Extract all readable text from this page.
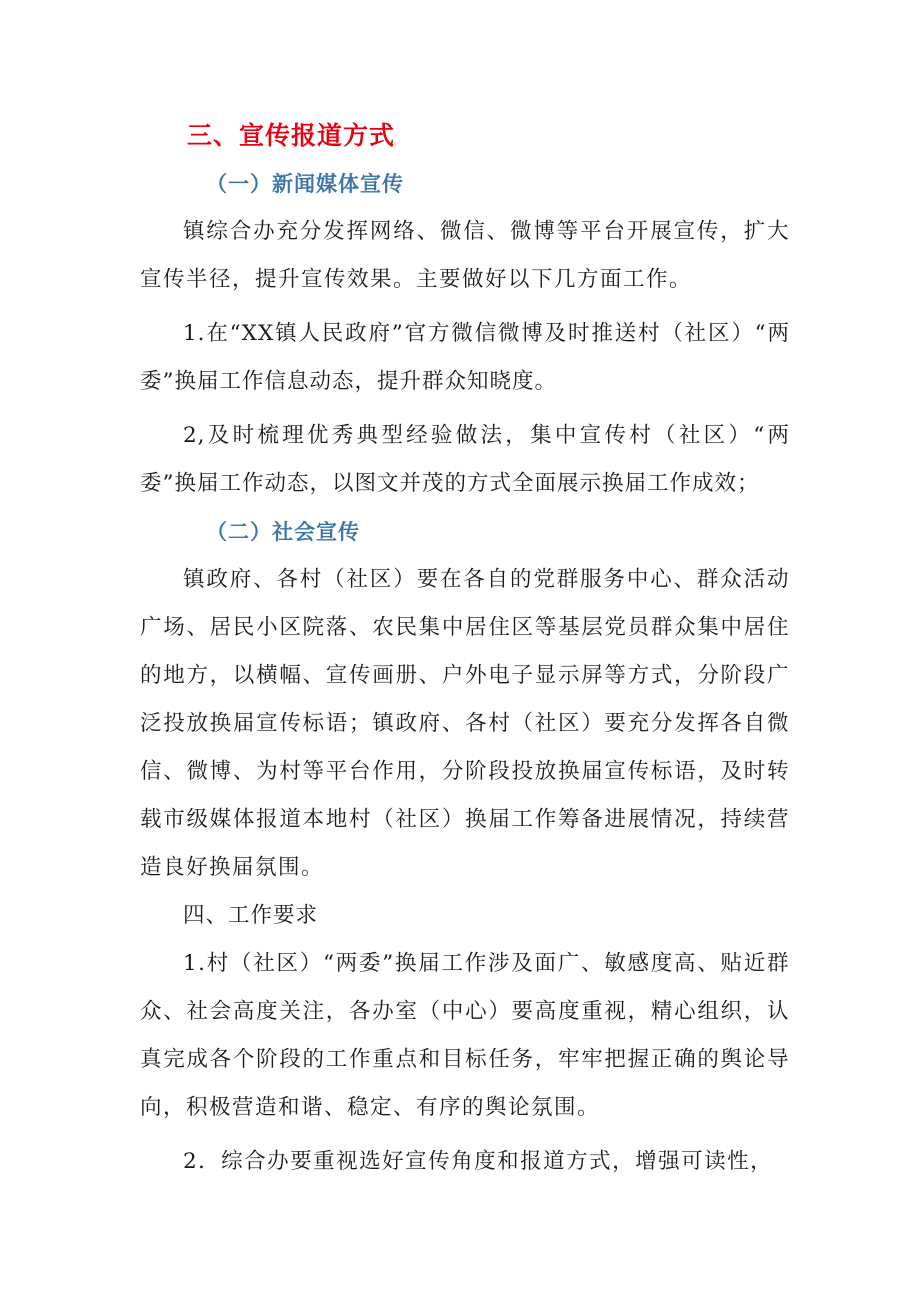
三、宣传报道方式
（一）新闻媒体宣传

镇综合办充分发挥网络、微信、微博等平台开展宣传，扩大宣传半径，提升宣传效果。主要做好以下几方面工作。

1.在“XX镇人民政府”官方微信微博及时推送村（社区）“两委”换届工作信息动态，提升群众知晓度。

2,及时梳理优秀典型经验做法，集中宣传村（社区）“两委”换届工作动态，以图文并茂的方式全面展示换届工作成效；

（二）社会宣传

镇政府、各村（社区）要在各自的党群服务中心、群众活动广场、居民小区院落、农民集中居住区等基层党员群众集中居住的地方，以横幅、宣传画册、户外电子显示屏等方式，分阶段广泛投放换届宣传标语；镇政府、各村（社区）要充分发挥各自微信、微博、为村等平台作用，分阶段投放换届宣传标语，及时转载市级媒体报道本地村（社区）换届工作筹备进展情况，持续营造良好换届氛围。

四、工作要求

1.村（社区）“两委”换届工作涉及面广、敏感度高、贴近群众、社会高度关注，各办室（中心）要高度重视，精心组织，认真完成各个阶段的工作重点和目标任务，牢牢把握正确的舆论导向，积极营造和谐、稳定、有序的舆论氛围。

2．综合办要重视选好宣传角度和报道方式，增强可读性，
